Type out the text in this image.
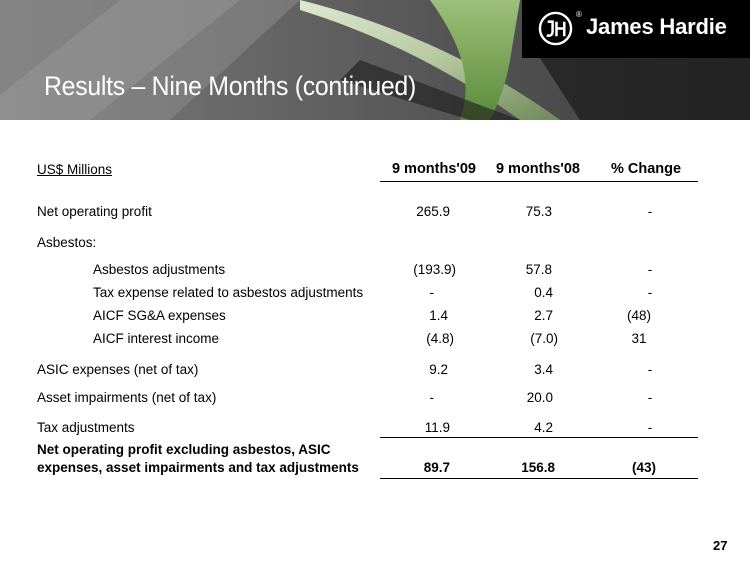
® James Hardie
Results – Nine Months (continued)
US$ Millions	9 months'09	9 months'08	% Change
Net operating profit	265.9	75.3	-
Asbestos:
Asbestos adjustments	(193.9)	57.8	-
Tax expense related to asbestos adjustments	-	0.4	-
AICF SG&A expenses	1.4	2.7	(48)
AICF interest income	(4.8)	(7.0)	31
ASIC expenses (net of tax)	9.2	3.4	-
Asset impairments (net of tax)	-	20.0	-
Tax adjustments	11.9	4.2	-
Net operating profit excluding asbestos, ASIC
expenses, asset impairments and tax adjustments	89.7	156.8	(43)
27
